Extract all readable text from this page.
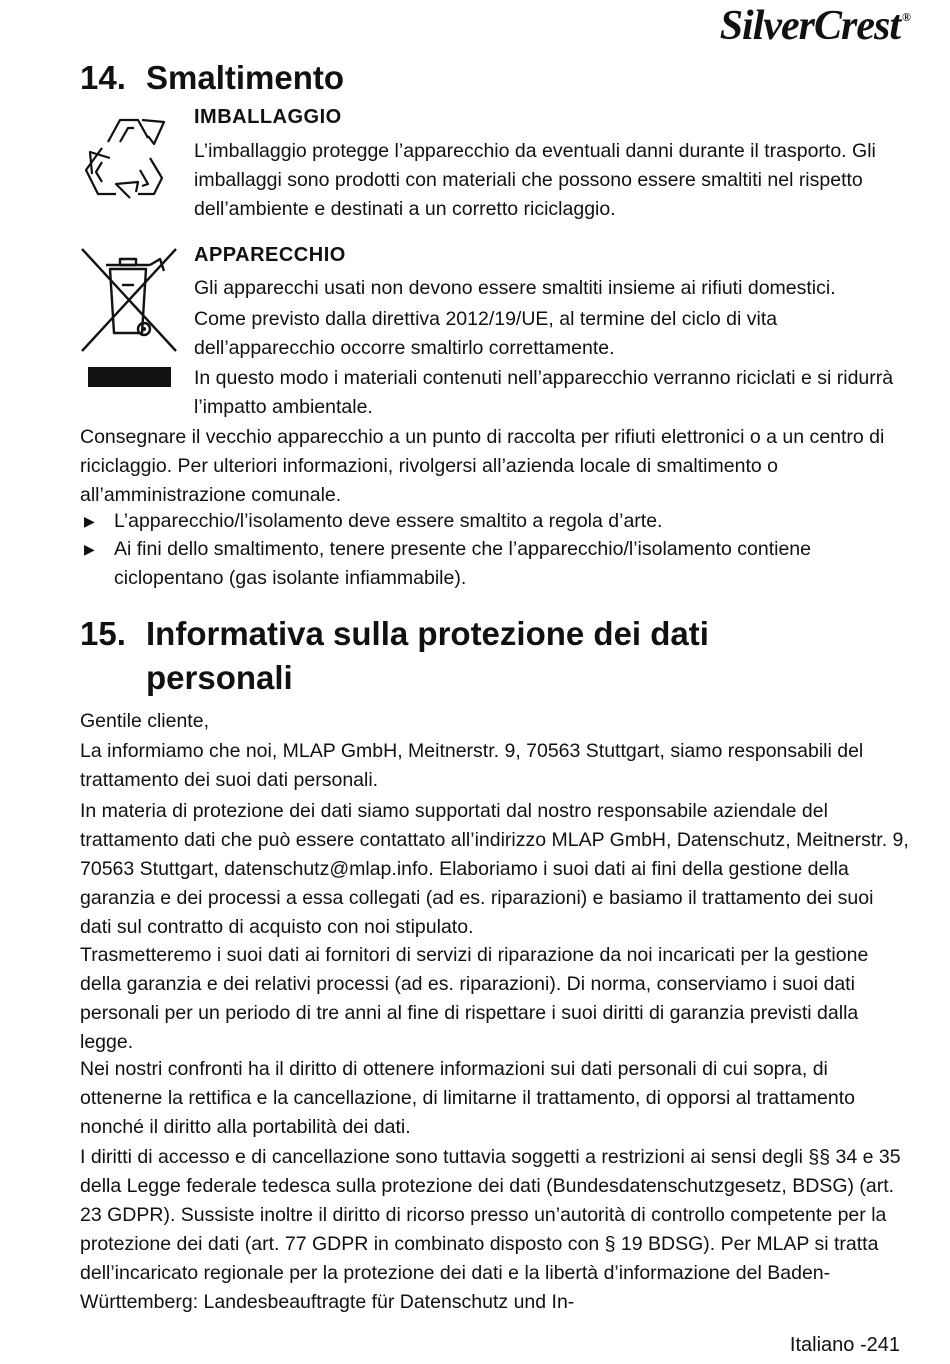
SilverCrest ®
14. Smaltimento
IMBALLAGGIO

L’imballaggio protegge l’apparecchio da eventuali danni durante il trasporto. Gli imballaggi sono prodotti con materiali che possono essere smaltiti nel rispetto dell’ambiente e destinati a un corretto riciclaggio.

APPARECCHIO

Gli apparecchi usati non devono essere smaltiti insieme ai rifiuti domestici.

Come previsto dalla direttiva 2012/19/UE, al termine del ciclo di vita dell’apparecchio occorre smaltirlo correttamente.

In questo modo i materiali contenuti nell’apparecchio verranno riciclati e si ridurrà l’impatto ambientale.

Consegnare il vecchio apparecchio a un punto di raccolta per rifiuti elettronici o a un centro di riciclaggio. Per ulteriori informazioni, rivolgersi all’azienda locale di smaltimento o all’amministrazione comunale.

▶ L’apparecchio/l’isolamento deve essere smaltito a regola d’arte.
▶ Ai fini dello smaltimento, tenere presente che l’apparecchio/l’isolamento contiene ciclopentano (gas isolante infiammabile).
15. Informativa sulla protezione dei dati personali

Gentile cliente,

La informiamo che noi, MLAP GmbH, Meitnerstr. 9, 70563 Stuttgart, siamo responsabili del trattamento dei suoi dati personali.

In materia di protezione dei dati siamo supportati dal nostro responsabile aziendale del trattamento dati che può essere contattato all’indirizzo MLAP GmbH, Datenschutz, Meitnerstr. 9, 70563 Stuttgart, datenschutz@mlap.info. Elaboriamo i suoi dati ai fini della gestione della garanzia e dei processi a essa collegati (ad es. riparazioni) e basiamo il trattamento dei suoi dati sul contratto di acquisto con noi stipulato.

Trasmetteremo i suoi dati ai fornitori di servizi di riparazione da noi incaricati per la gestione della garanzia e dei relativi processi (ad es. riparazioni). Di norma, conserviamo i suoi dati personali per un periodo di tre anni al fine di rispettare i suoi diritti di garanzia previsti dalla legge.

Nei nostri confronti ha il diritto di ottenere informazioni sui dati personali di cui sopra, di ottenerne la rettifica e la cancellazione, di limitarne il trattamento, di opporsi al trattamento nonché il diritto alla portabilità dei dati.

I diritti di accesso e di cancellazione sono tuttavia soggetti a restrizioni ai sensi degli §§ 34 e 35 della Legge federale tedesca sulla protezione dei dati (Bundesdatenschutzgesetz, BDSG) (art. 23 GDPR). Sussiste inoltre il diritto di ricorso presso un’autorità di controllo competente per la protezione dei dati (art. 77 GDPR in combinato disposto con § 19 BDSG). Per MLAP si tratta dell’incaricato regionale per la protezione dei dati e la libertà d’informazione del Baden-Württemberg: Landesbeauftragte für Datenschutz und In-

Italiano -241
